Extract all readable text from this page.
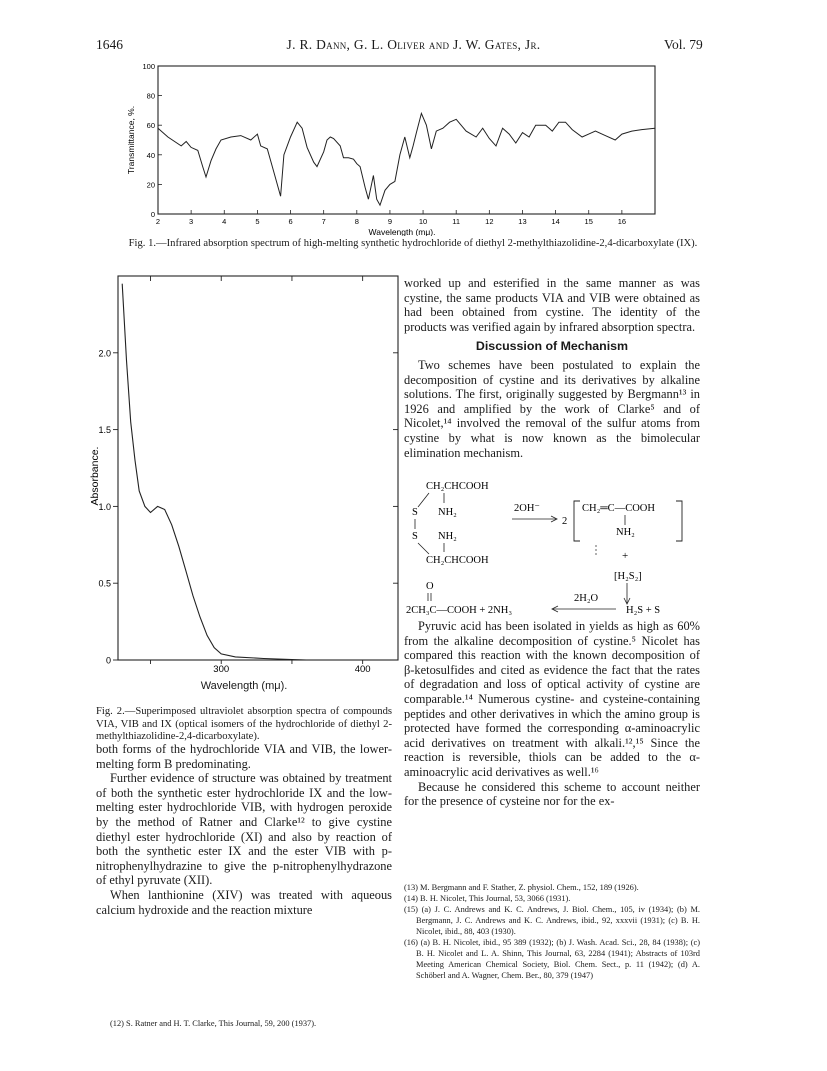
1646	J. R. Dann, G. L. Oliver and J. W. Gates, Jr.	Vol. 79
100
80
60
40
20
0
2	3	4	5	6	7	8	9	10	11	12	13	14	15	16
Wavelength (mμ).
Transmittance, %.
Fig. 1.—Infrared absorption spectrum of high-melting synthetic hydrochloride of diethyl 2-methylthiazolidine-2,4-dicarboxylate (IX).
2.0
1.5
1.0
0.5
0
300	400
Absorbance.
Wavelength (mμ).
Fig. 2.—Superimposed ultraviolet absorption spectra of compounds VIA, VIB and IX (optical isomers of the hydrochloride of diethyl 2-methylthiazolidine-2,4-dicarboxylate).

both forms of the hydrochloride VIA and VIB, the lower-melting form B predominating.

Further evidence of structure was obtained by treatment of both the synthetic ester hydrochloride IX and the low-melting ester hydrochloride VIB, with hydrogen peroxide by the method of Ratner and Clarke¹² to give cystine diethyl ester hydrochloride (XI) and also by reaction of both the synthetic ester IX and the ester VIB with p-nitrophenylhydrazine to give the p-nitrophenylhydrazone of ethyl pyruvate (XII).

When lanthionine (XIV) was treated with aqueous calcium hydroxide and the reaction mixture

(12) S. Ratner and H. T. Clarke, This Journal, 59, 200 (1937).

worked up and esterified in the same manner as was cystine, the same products VIA and VIB were obtained as had been obtained from cystine. The identity of the products was verified again by infrared absorption spectra.

Discussion of Mechanism

Two schemes have been postulated to explain the decomposition of cystine and its derivatives by alkaline solutions. The first, originally suggested by Bergmann¹³ in 1926 and amplified by the work of Clarke⁵ and of Nicolet,¹⁴ involved the removal of the sulfur atoms from cystine by what is now known as the bimolecular elimination mechanism.

CH₂CHCOOH
S NH₂
S NH₂
CH₂CHCOOH
2OH⁻
2
CH₂═C—COOH
NH₂
+
[H₂S₂]
O
2CH₃C—COOH + 2NH₃
2H₂O
H₂S + S

Pyruvic acid has been isolated in yields as high as 60% from the alkaline decomposition of cystine.⁵ Nicolet has compared this reaction with the known decomposition of β-ketosulfides and cited as evidence the fact that the rates of degradation and loss of optical activity of cystine are comparable.¹⁴ Numerous cystine- and cysteine-containing peptides and other derivatives in which the amino group is protected have formed the corresponding α-aminoacrylic acid derivatives on treatment with alkali.¹²,¹⁵ Since the reaction is reversible, thiols can be added to the α-aminoacrylic acid derivatives as well.¹⁶

Because he considered this scheme to account neither for the presence of cysteine nor for the ex-

(13) M. Bergmann and F. Stather, Z. physiol. Chem., 152, 189 (1926).

(14) B. H. Nicolet, This Journal, 53, 3066 (1931).

(15) (a) J. C. Andrews and K. C. Andrews, J. Biol. Chem., 105, iv (1934); (b) M. Bergmann, J. C. Andrews and K. C. Andrews, ibid., 92, xxxvii (1931); (c) B. H. Nicolet, ibid., 88, 403 (1930).

(16) (a) B. H. Nicolet, ibid., 95 389 (1932); (b) J. Wash. Acad. Sci., 28, 84 (1938); (c) B. H. Nicolet and L. A. Shinn, This Journal, 63, 2284 (1941); Abstracts of 103rd Meeting American Chemical Society, Biol. Chem. Sect., p. 11 (1942); (d) A. Schöberl and A. Wagner, Chem. Ber., 80, 379 (1947)
